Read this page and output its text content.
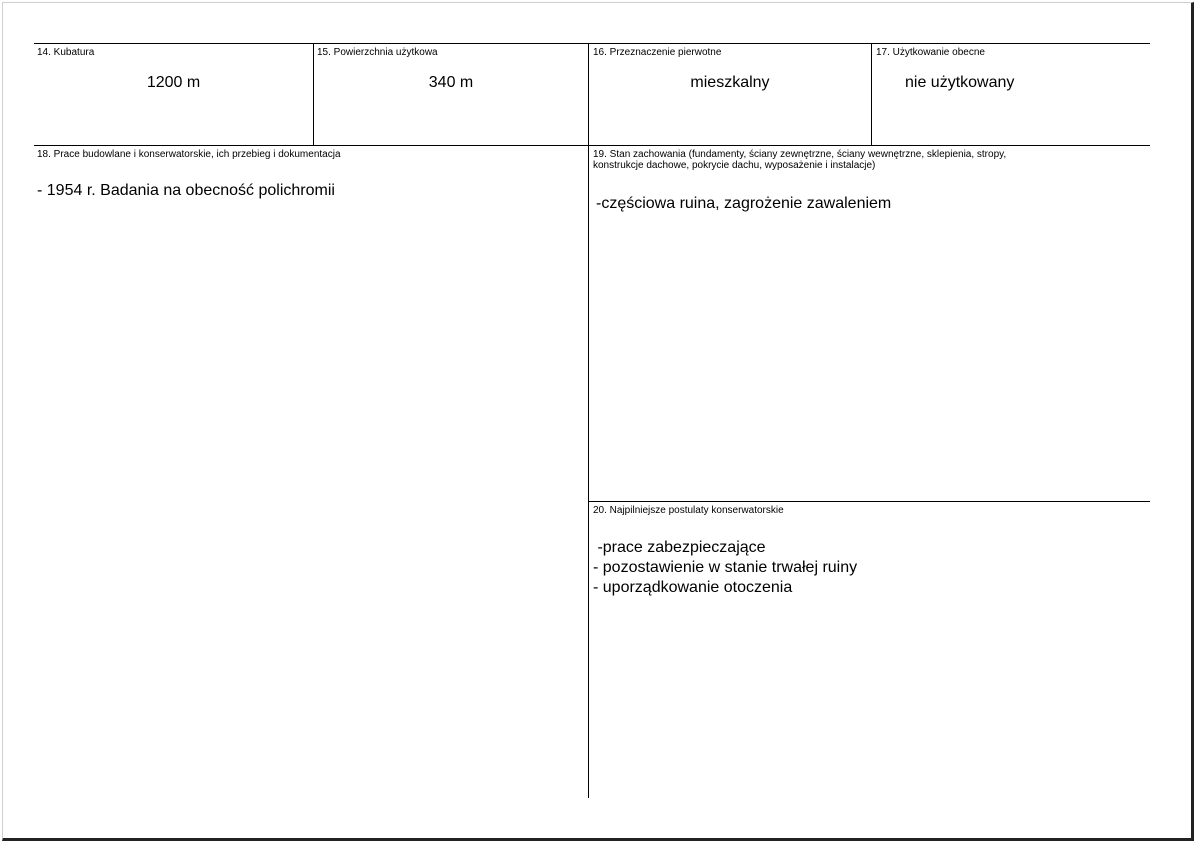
14. Kubatura
1200 m
15. Powierzchnia użytkowa
340 m
16. Przeznaczenie pierwotne
mieszkalny
17. Użytkowanie obecne
nie użytkowany
18. Prace budowlane i konserwatorskie, ich przebieg i dokumentacja
- 1954 r. Badania na obecność polichromii
19. Stan zachowania (fundamenty, ściany zewnętrzne, ściany wewnętrzne, sklepienia, stropy,
konstrukcje dachowe, pokrycie dachu, wyposażenie i instalacje)
-częściowa ruina, zagrożenie zawaleniem
20. Najpilniejsze postulaty konserwatorskie
-prace zabezpieczające
- pozostawienie w stanie trwałej ruiny
- uporządkowanie otoczenia
